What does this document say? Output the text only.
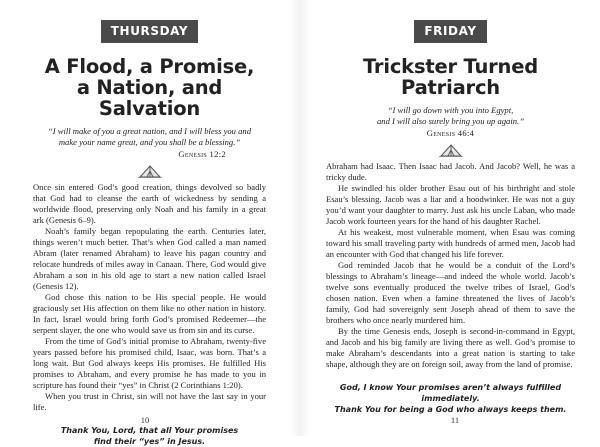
THURSDAY
A Flood, a Promise,
a Nation, and Salvation
“I will make of you a great nation, and I will bless you and
make your name great, and you shall be a blessing.”
Genesis 12:2

Once sin entered God’s good creation, things devolved so badly that God had to cleanse the earth of wickedness by sending a worldwide flood, preserving only Noah and his family in a great ark (Genesis 6–9).

Noah’s family began repopulating the earth. Centuries later, things weren’t much better. That’s when God called a man named Abram (later renamed Abraham) to leave his pagan country and relocate hundreds of miles away in Canaan. There, God would give Abraham a son in his old age to start a new nation called Israel (Genesis 12).

God chose this nation to be His special people. He would graciously set His affection on them like no other nation in history. In fact, Israel would bring forth God’s promised Redeemer—the serpent slayer, the one who would save us from sin and its curse.

From the time of God’s initial promise to Abraham, twenty-five years passed before his promised child, Isaac, was born. That’s a long wait. But God always keeps His promises. He fulfilled His promises to Abraham, and every promise he has made to you in scripture has found their “yes” in Christ (2 Corinthians 1:20).

When you trust in Christ, sin will not have the last say in your life.

Thank You, Lord, that all Your promises
find their “yes” in Jesus.
10
FRIDAY
Trickster Turned Patriarch
“I will go down with you into Egypt,
and I will also surely bring you up again.”
Genesis 46:4

Abraham had Isaac. Then Isaac had Jacob. And Jacob? Well, he was a tricky dude.

He swindled his older brother Esau out of his birthright and stole Esau’s blessing. Jacob was a liar and a hoodwinker. He was not a guy you’d want your daughter to marry. Just ask his uncle Laban, who made Jacob work fourteen years for the hand of his daughter Rachel.

At his weakest, most vulnerable moment, when Esau was coming toward his small traveling party with hundreds of armed men, Jacob had an encounter with God that changed his life forever.

God reminded Jacob that he would be a conduit of the Lord’s blessings to Abraham’s lineage—and indeed the whole world. Jacob’s twelve sons eventually produced the twelve tribes of Israel, God’s chosen nation. Even when a famine threatened the lives of Jacob’s family, God had sovereignly sent Joseph ahead of them to save the brothers who once nearly murdered him.

By the time Genesis ends, Joseph is second-in-command in Egypt, and Jacob and his big family are living there as well. God’s promise to make Abraham’s descendants into a great nation is starting to take shape, although they are on foreign soil, away from the land of promise.

God, I know Your promises aren’t always fulfilled immediately.
Thank You for being a God who always keeps them.
11
